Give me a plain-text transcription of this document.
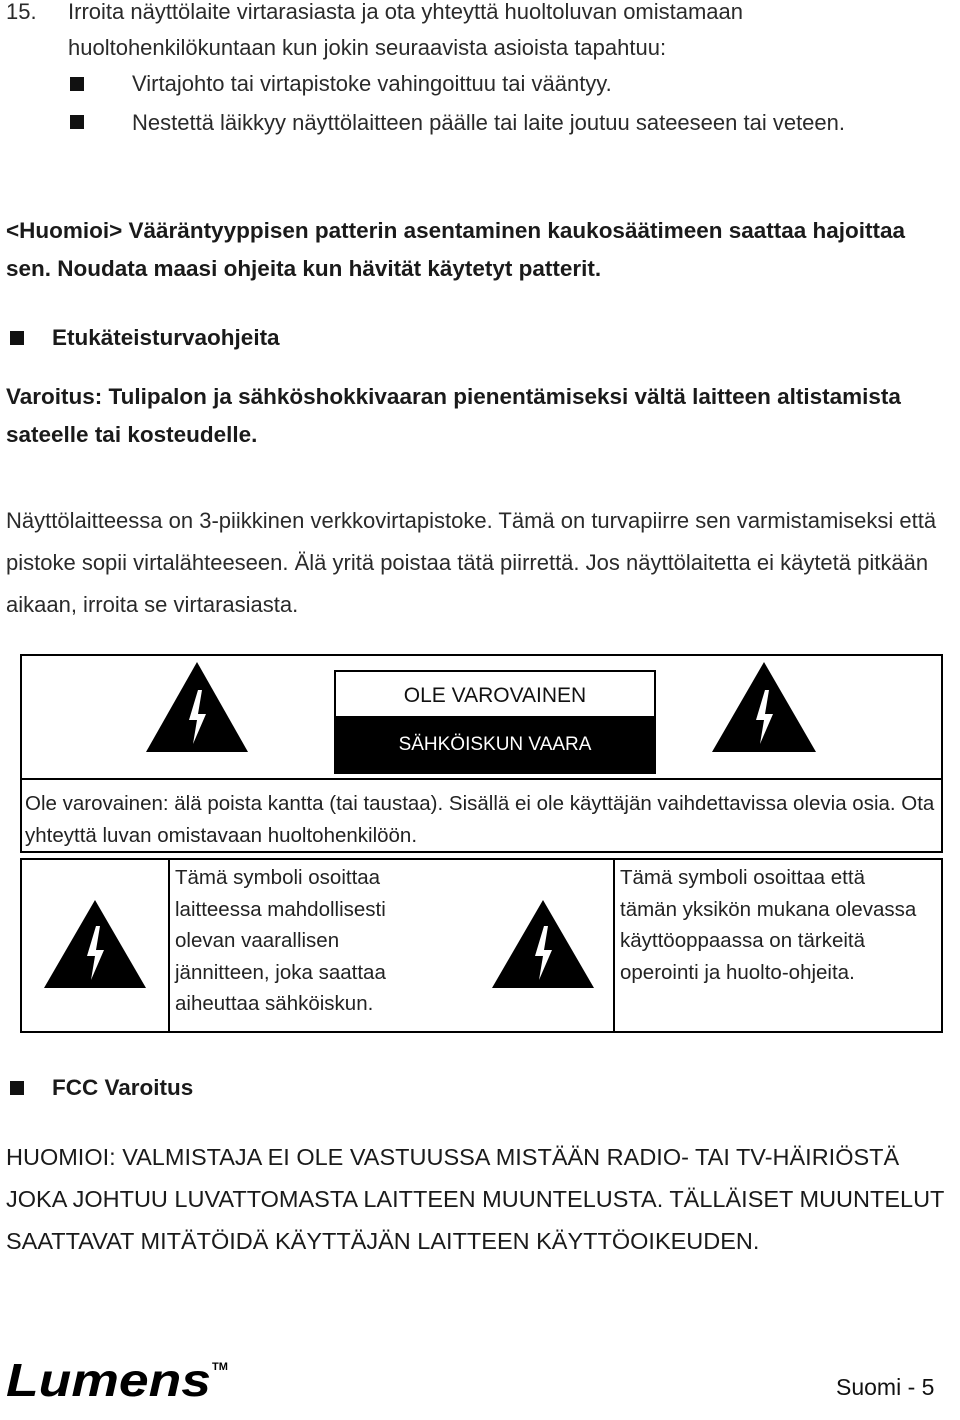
15. Irroita näyttölaite virtarasiasta ja ota yhteyttä huoltoluvan omistamaan huoltohenkilökuntaan kun jokin seuraavista asioista tapahtuu:
Virtajohto tai virtapistoke vahingoittuu tai vääntyy.
Nestettä läikkyy näyttölaitteen päälle tai laite joutuu sateeseen tai veteen.

<Huomioi> Vääräntyyppisen patterin asentaminen kaukosäätimeen saattaa hajoittaa sen. Noudata maasi ohjeita kun hävität käytetyt patterit.

Etukäteisturvaohjeita

Varoitus: Tulipalon ja sähköshokkivaaran pienentämiseksi vältä laitteen altistamista sateelle tai kosteudelle.

Näyttölaitteessa on 3-piikkinen verkkovirtapistoke. Tämä on turvapiirre sen varmistamiseksi että pistoke sopii virtalähteeseen. Älä yritä poistaa tätä piirrettä. Jos näyttölaitetta ei käytetä pitkään aikaan, irroita se virtarasiasta.

OLE VAROVAINEN
SÄHKÖISKUN VAARA
Ole varovainen: älä poista kantta (tai taustaa). Sisällä ei ole käyttäjän vaihdettavissa olevia osia. Ota yhteyttä luvan omistavaan huoltohenkilöön.
Tämä symboli osoittaa laitteessa mahdollisesti olevan vaarallisen jännitteen, joka saattaa aiheuttaa sähköiskun.
Tämä symboli osoittaa että tämän yksikön mukana olevassa käyttöoppaassa on tärkeitä operointi ja huolto-ohjeita.
FCC Varoitus

HUOMIOI: VALMISTAJA EI OLE VASTUUSSA MISTÄÄN RADIO- TAI TV-HÄIRIÖSTÄ JOKA JOHTUU LUVATTOMASTA LAITTEEN MUUNTELUSTA. TÄLLÄISET MUUNTELUT SAATTAVAT MITÄTÖIDÄ KÄYTTÄJÄN LAITTEEN KÄYTTÖOIKEUDEN.

Lumens TM
Suomi - 5
